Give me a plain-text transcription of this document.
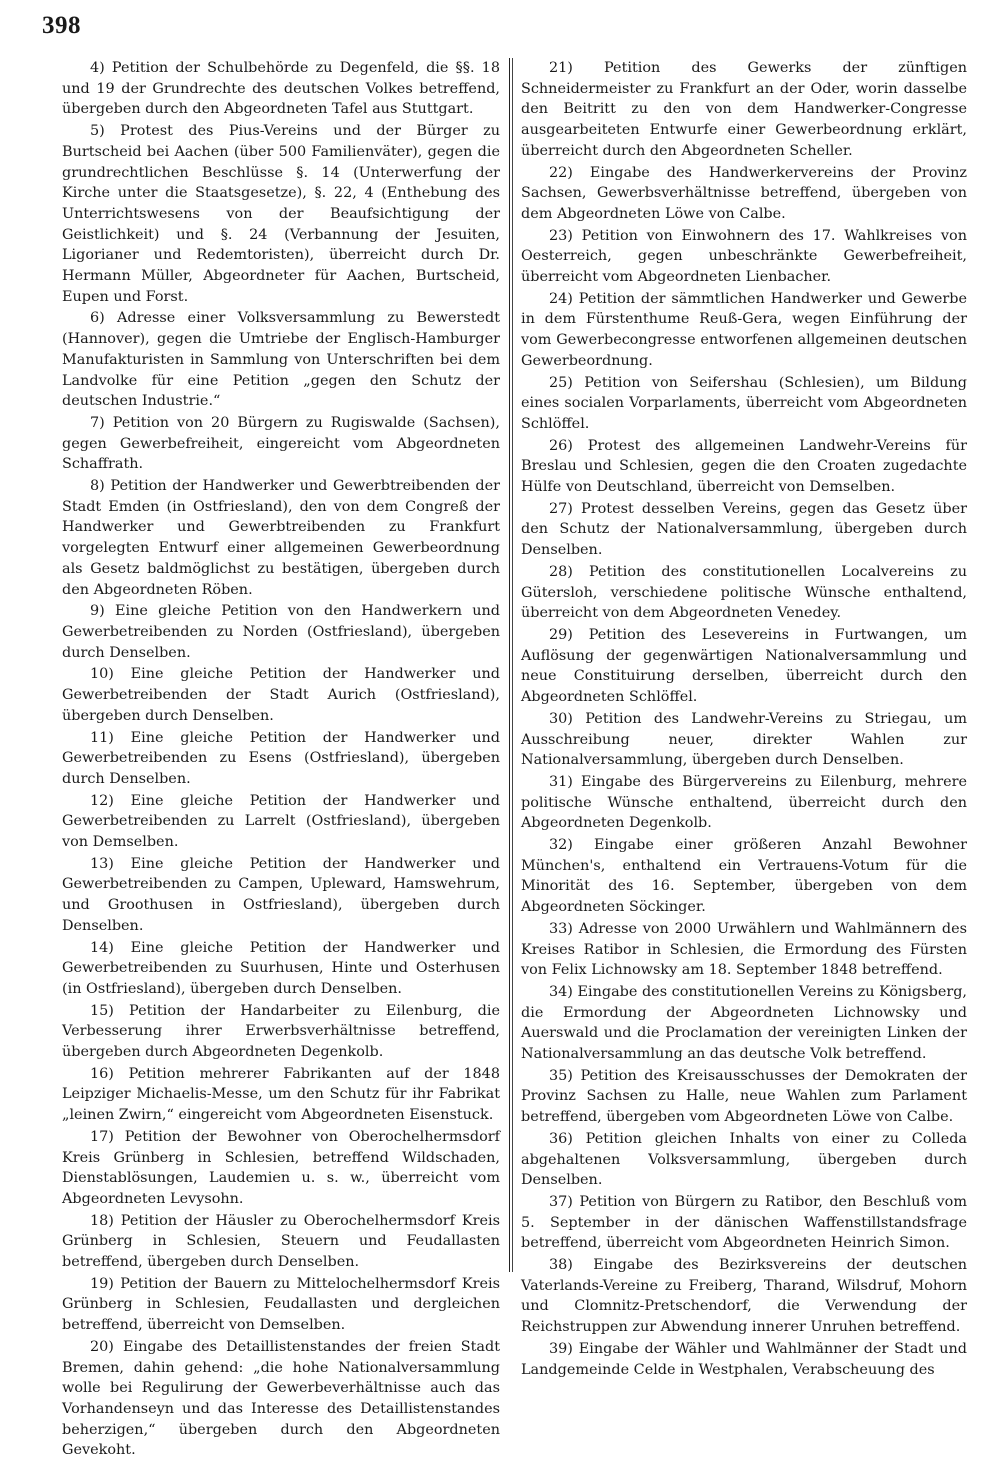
398

4) Petition der Schulbehörde zu Degenfeld, die §§. 18 und 19 der Grundrechte des deutschen Volkes betreffend, übergeben durch den Abgeordneten Tafel aus Stuttgart.

5) Protest des Pius-Vereins und der Bürger zu Burtscheid bei Aachen (über 500 Familienväter), gegen die grundrechtlichen Beschlüsse §. 14 (Unterwerfung der Kirche unter die Staatsgesetze), §. 22, 4 (Enthebung des Unterrichtswesens von der Beaufsichtigung der Geistlichkeit) und §. 24 (Verbannung der Jesuiten, Ligorianer und Redemtoristen), überreicht durch Dr. Hermann Müller, Abgeordneter für Aachen, Burtscheid, Eupen und Forst.

6) Adresse einer Volksversammlung zu Bewerstedt (Hannover), gegen die Umtriebe der Englisch-Hamburger Manufakturisten in Sammlung von Unterschriften bei dem Landvolke für eine Petition „gegen den Schutz der deutschen Industrie.“

7) Petition von 20 Bürgern zu Rugiswalde (Sachsen), gegen Gewerbefreiheit, eingereicht vom Abgeordneten Schaffrath.

8) Petition der Handwerker und Gewerbtreibenden der Stadt Emden (in Ostfriesland), den von dem Congreß der Handwerker und Gewerbtreibenden zu Frankfurt vorgelegten Entwurf einer allgemeinen Gewerbeordnung als Gesetz baldmöglichst zu bestätigen, übergeben durch den Abgeordneten Röben.

9) Eine gleiche Petition von den Handwerkern und Gewerbetreibenden zu Norden (Ostfriesland), übergeben durch Denselben.

10) Eine gleiche Petition der Handwerker und Gewerbetreibenden der Stadt Aurich (Ostfriesland), übergeben durch Denselben.

11) Eine gleiche Petition der Handwerker und Gewerbetreibenden zu Esens (Ostfriesland), übergeben durch Denselben.

12) Eine gleiche Petition der Handwerker und Gewerbetreibenden zu Larrelt (Ostfriesland), übergeben von Demselben.

13) Eine gleiche Petition der Handwerker und Gewerbetreibenden zu Campen, Upleward, Hamswehrum, und Groothusen in Ostfriesland), übergeben durch Denselben.

14) Eine gleiche Petition der Handwerker und Gewerbetreibenden zu Suurhusen, Hinte und Osterhusen (in Ostfriesland), übergeben durch Denselben.

15) Petition der Handarbeiter zu Eilenburg, die Verbesserung ihrer Erwerbsverhältnisse betreffend, übergeben durch Abgeordneten Degenkolb.

16) Petition mehrerer Fabrikanten auf der 1848 Leipziger Michaelis-Messe, um den Schutz für ihr Fabrikat „leinen Zwirn,“ eingereicht vom Abgeordneten Eisenstuck.

17) Petition der Bewohner von Oberochelhermsdorf Kreis Grünberg in Schlesien, betreffend Wildschaden, Dienstablösungen, Laudemien u. s. w., überreicht vom Abgeordneten Levysohn.

18) Petition der Häusler zu Oberochelhermsdorf Kreis Grünberg in Schlesien, Steuern und Feudallasten betreffend, übergeben durch Denselben.

19) Petition der Bauern zu Mittelochelhermsdorf Kreis Grünberg in Schlesien, Feudallasten und dergleichen betreffend, überreicht von Demselben.

20) Eingabe des Detaillistenstandes der freien Stadt Bremen, dahin gehend: „die hohe Nationalversammlung wolle bei Regulirung der Gewerbeverhältnisse auch das Vorhandenseyn und das Interesse des Detaillistenstandes beherzigen,“ übergeben durch den Abgeordneten Gevekoht.

21) Petition des Gewerks der zünftigen Schneidermeister zu Frankfurt an der Oder, worin dasselbe den Beitritt zu den von dem Handwerker-Congresse ausgearbeiteten Entwurfe einer Gewerbeordnung erklärt, überreicht durch den Abgeordneten Scheller.

22) Eingabe des Handwerkervereins der Provinz Sachsen, Gewerbsverhältnisse betreffend, übergeben von dem Abgeordneten Löwe von Calbe.

23) Petition von Einwohnern des 17. Wahlkreises von Oesterreich, gegen unbeschränkte Gewerbefreiheit, überreicht vom Abgeordneten Lienbacher.

24) Petition der sämmtlichen Handwerker und Gewerbe in dem Fürstenthume Reuß-Gera, wegen Einführung der vom Gewerbecongresse entworfenen allgemeinen deutschen Gewerbeordnung.

25) Petition von Seifershau (Schlesien), um Bildung eines socialen Vorparlaments, überreicht vom Abgeordneten Schlöffel.

26) Protest des allgemeinen Landwehr-Vereins für Breslau und Schlesien, gegen die den Croaten zugedachte Hülfe von Deutschland, überreicht von Demselben.

27) Protest desselben Vereins, gegen das Gesetz über den Schutz der Nationalversammlung, übergeben durch Denselben.

28) Petition des constitutionellen Localvereins zu Gütersloh, verschiedene politische Wünsche enthaltend, überreicht von dem Abgeordneten Venedey.

29) Petition des Lesevereins in Furtwangen, um Auflösung der gegenwärtigen Nationalversammlung und neue Constituirung derselben, überreicht durch den Abgeordneten Schlöffel.

30) Petition des Landwehr-Vereins zu Striegau, um Ausschreibung neuer, direkter Wahlen zur Nationalversammlung, übergeben durch Denselben.

31) Eingabe des Bürgervereins zu Eilenburg, mehrere politische Wünsche enthaltend, überreicht durch den Abgeordneten Degenkolb.

32) Eingabe einer größeren Anzahl Bewohner München's, enthaltend ein Vertrauens-Votum für die Minorität des 16. September, übergeben von dem Abgeordneten Söckinger.

33) Adresse von 2000 Urwählern und Wahlmännern des Kreises Ratibor in Schlesien, die Ermordung des Fürsten von Felix Lichnowsky am 18. September 1848 betreffend.

34) Eingabe des constitutionellen Vereins zu Königsberg, die Ermordung der Abgeordneten Lichnowsky und Auerswald und die Proclamation der vereinigten Linken der Nationalversammlung an das deutsche Volk betreffend.

35) Petition des Kreisausschusses der Demokraten der Provinz Sachsen zu Halle, neue Wahlen zum Parlament betreffend, übergeben vom Abgeordneten Löwe von Calbe.

36) Petition gleichen Inhalts von einer zu Colleda abgehaltenen Volksversammlung, übergeben durch Denselben.

37) Petition von Bürgern zu Ratibor, den Beschluß vom 5. September in der dänischen Waffenstillstandsfrage betreffend, überreicht vom Abgeordneten Heinrich Simon.

38) Eingabe des Bezirksvereins der deutschen Vaterlands-Vereine zu Freiberg, Tharand, Wilsdruf, Mohorn und Clomnitz-Pretschendorf, die Verwendung der Reichstruppen zur Abwendung innerer Unruhen betreffend.

39) Eingabe der Wähler und Wahlmänner der Stadt und Landgemeinde Celde in Westphalen, Verabscheuung des
